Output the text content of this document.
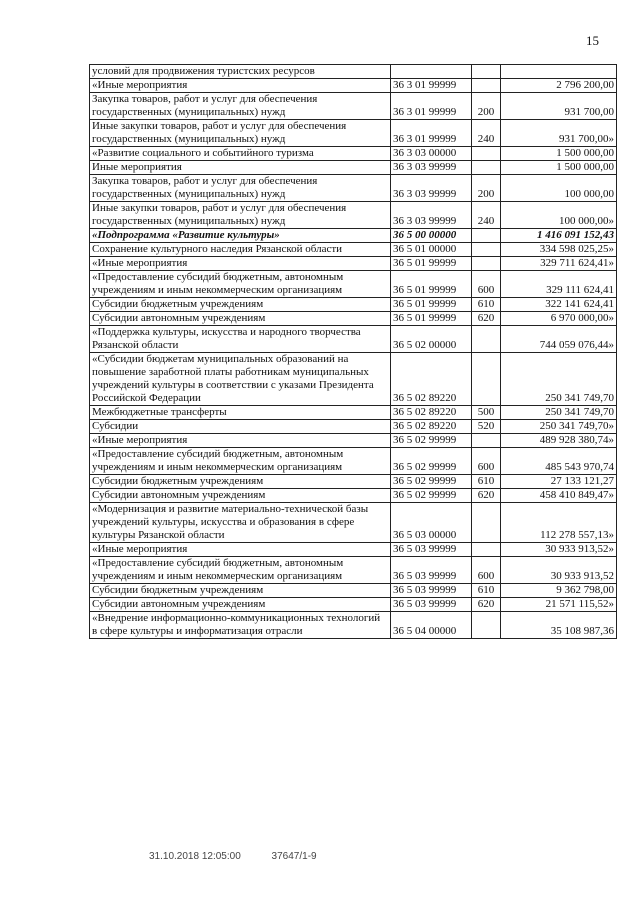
15
условий для продвижения туристских ресурсов			
«Иные мероприятия	36 3 01 99999		2 796 200,00
Закупка товаров, работ и услуг для обеспечения государственных (муниципальных) нужд	36 3 01 99999	200	931 700,00
Иные закупки товаров, работ и услуг для обеспечения государственных (муниципальных) нужд	36 3 01 99999	240	931 700,00»
«Развитие социального и событийного туризма	36 3 03 00000		1 500 000,00
Иные мероприятия	36 3 03 99999		1 500 000,00
Закупка товаров, работ и услуг для обеспечения государственных (муниципальных) нужд	36 3 03 99999	200	100 000,00
Иные закупки товаров, работ и услуг для обеспечения государственных (муниципальных) нужд	36 3 03 99999	240	100 000,00»
«Подпрограмма «Развитие культуры»	36 5 00 00000		1 416 091 152,43
Сохранение культурного наследия Рязанской области	36 5 01 00000		334 598 025,25»
«Иные мероприятия	36 5 01 99999		329 711 624,41»
«Предоставление субсидий бюджетным, автономным учреждениям и иным некоммерческим организациям	36 5 01 99999	600	329 111 624,41
Субсидии бюджетным учреждениям	36 5 01 99999	610	322 141 624,41
Субсидии автономным учреждениям	36 5 01 99999	620	6 970 000,00»
«Поддержка культуры, искусства и народного творчества Рязанской области	36 5 02 00000		744 059 076,44»
«Субсидии бюджетам муниципальных образований на повышение заработной платы работникам муниципальных учреждений культуры в соответствии с указами Президента Российской Федерации	36 5 02 89220		250 341 749,70
Межбюджетные трансферты	36 5 02 89220	500	250 341 749,70
Субсидии	36 5 02 89220	520	250 341 749,70»
«Иные мероприятия	36 5 02 99999		489 928 380,74»
«Предоставление субсидий бюджетным, автономным учреждениям и иным некоммерческим организациям	36 5 02 99999	600	485 543 970,74
Субсидии бюджетным учреждениям	36 5 02 99999	610	27 133 121,27
Субсидии автономным учреждениям	36 5 02 99999	620	458 410 849,47»
«Модернизация и развитие материально-технической базы учреждений культуры, искусства и образования в сфере культуры Рязанской области	36 5 03 00000		112 278 557,13»
«Иные мероприятия	36 5 03 99999		30 933 913,52»
«Предоставление субсидий бюджетным, автономным учреждениям и иным некоммерческим организациям	36 5 03 99999	600	30 933 913,52
Субсидии бюджетным учреждениям	36 5 03 99999	610	9 362 798,00
Субсидии автономным учреждениям	36 5 03 99999	620	21 571 115,52»
«Внедрение информационно-коммуникационных технологий в сфере культуры и информатизация отрасли	36 5 04 00000		35 108 987,36
31.10.2018 12:05:00	37647/1-9
